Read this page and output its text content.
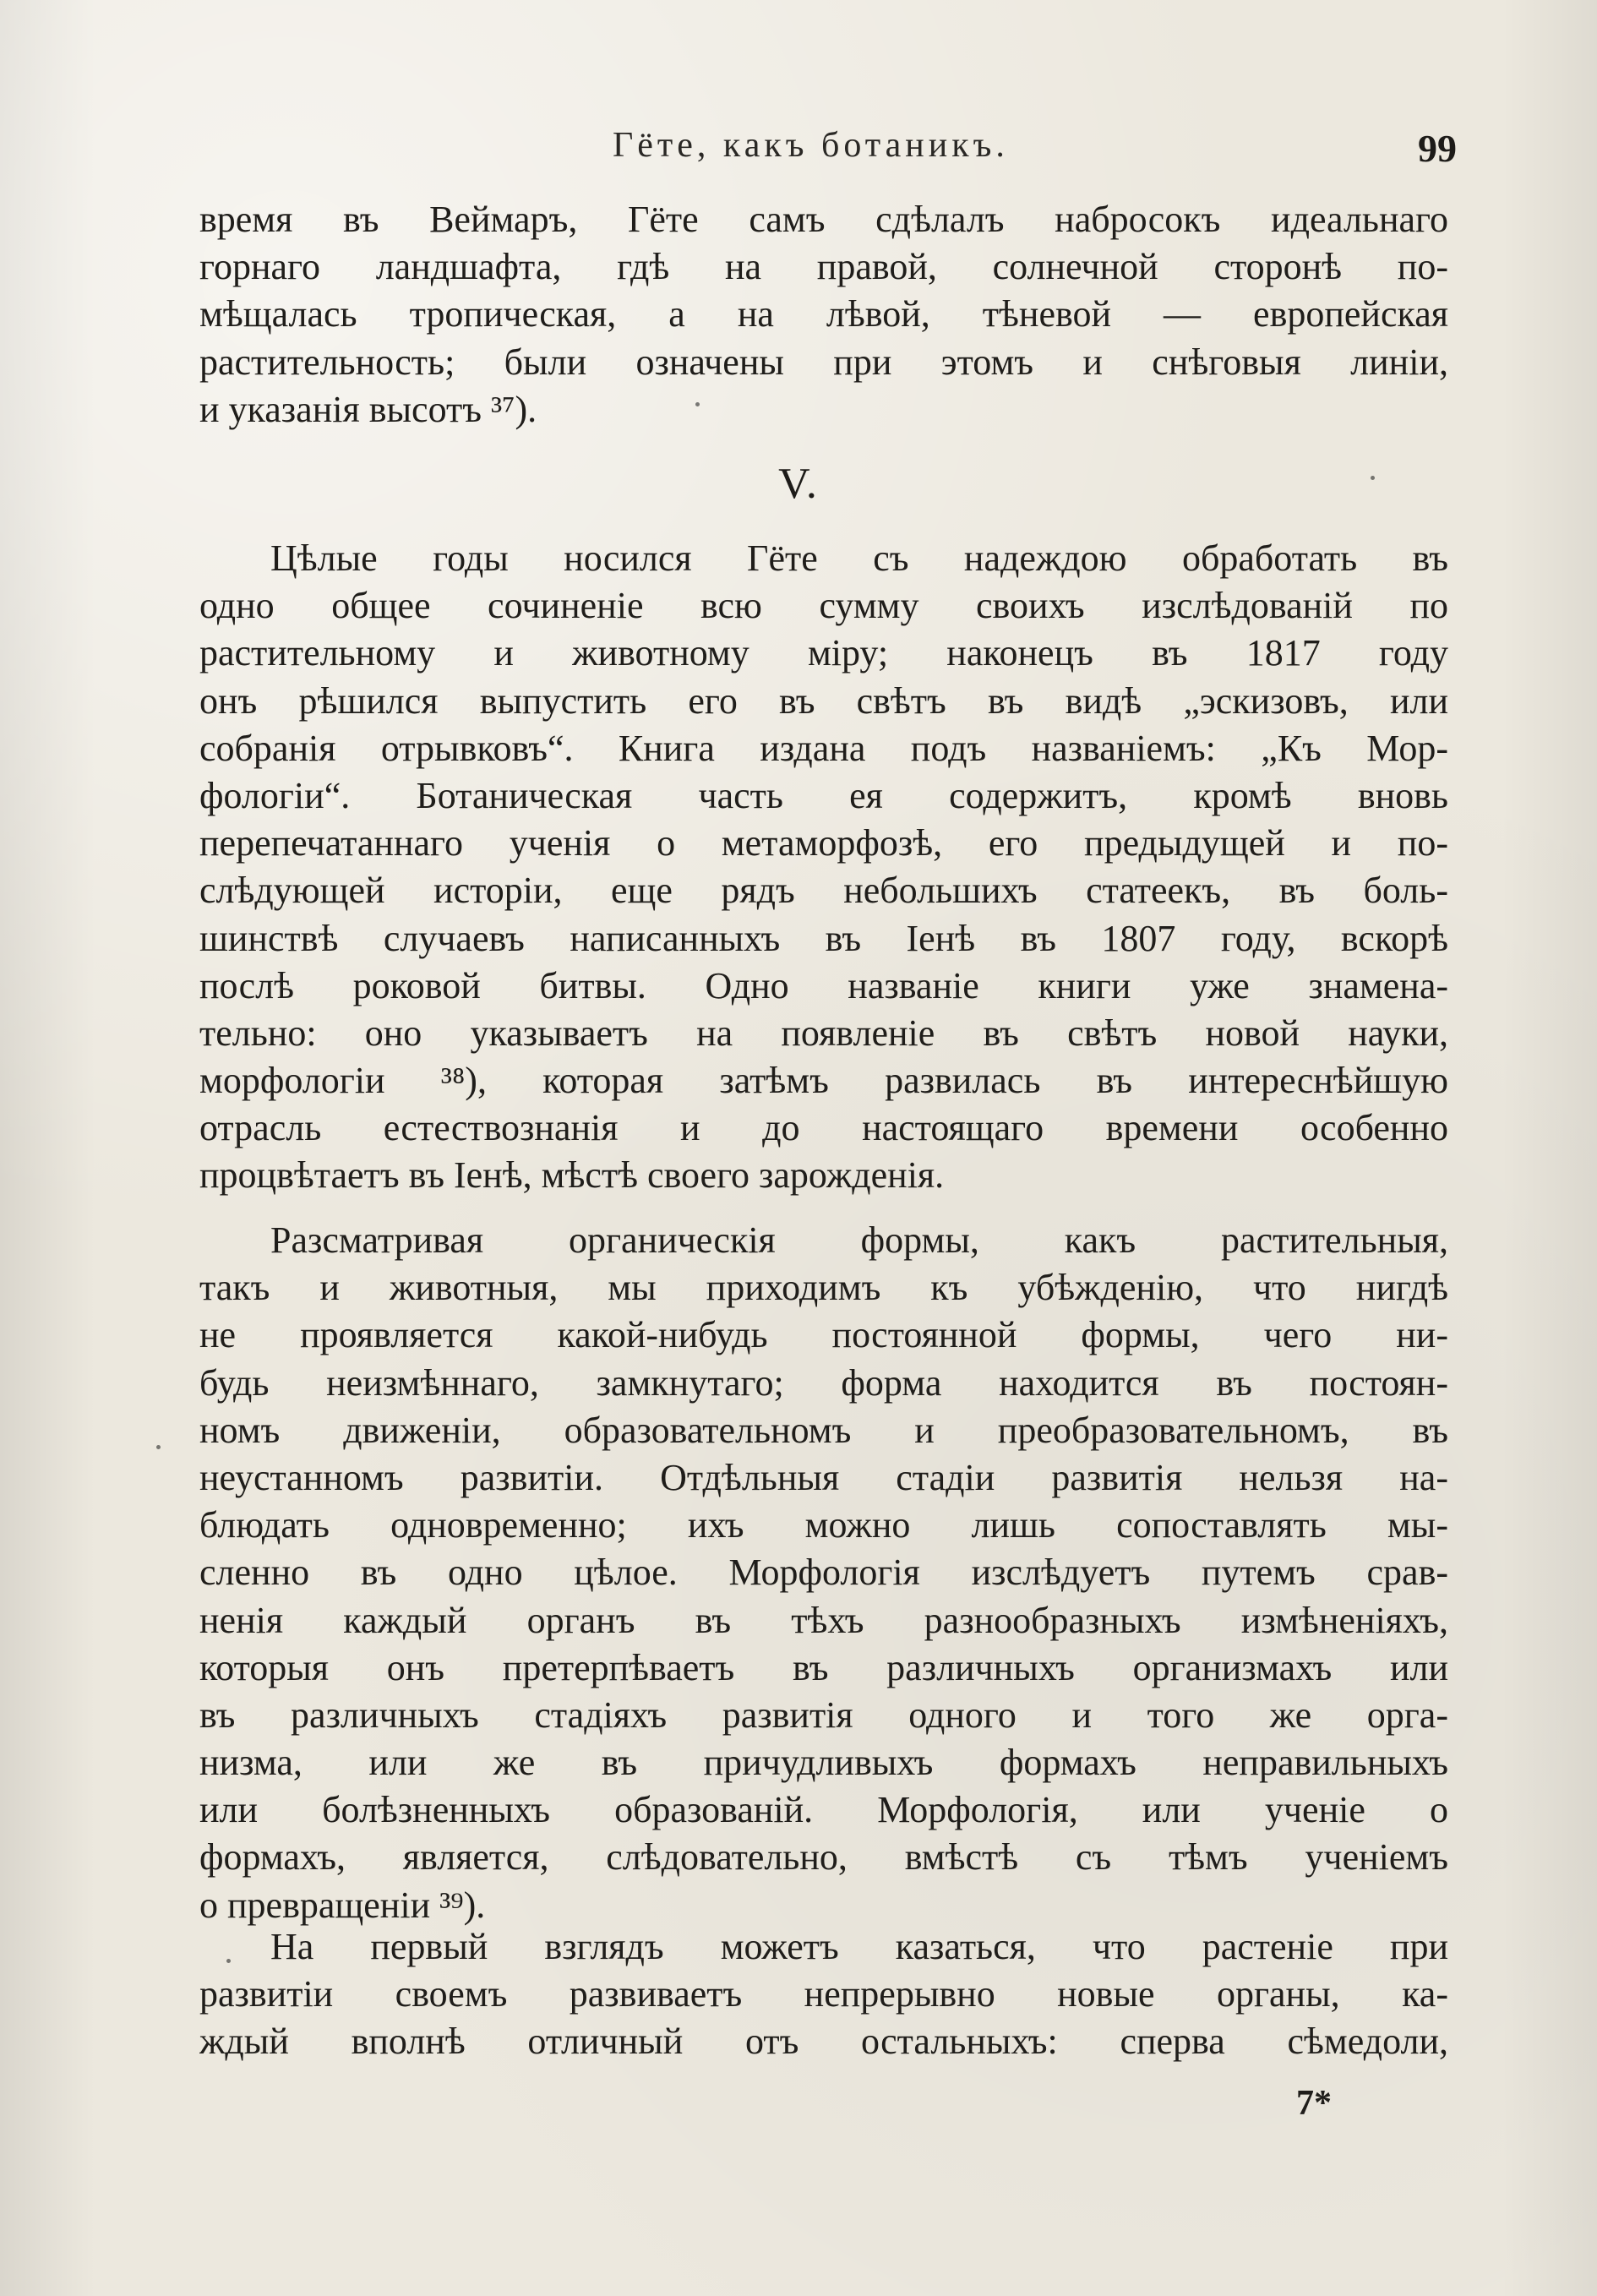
Гёте, какъ ботаникъ.	99
время въ Веймаръ, Гёте самъ сдѣлалъ набросокъ идеальнаго
горнаго ландшафта, гдѣ на правой, солнечной сторонѣ по-
мѣщалась тропическая, а на лѣвой, тѣневой — европейская
растительность; были означены при этомъ и снѣговыя линіи,
и указанія высотъ ³⁷).
V.
Цѣлые годы носился Гёте съ надеждою обработать въ
одно общее сочиненіе всю сумму своихъ изслѣдованій по
растительному и животному міру; наконецъ въ 1817 году
онъ рѣшился выпустить его въ свѣтъ въ видѣ „эскизовъ, или
собранія отрывковъ“. Книга издана подъ названіемъ: „Къ Мор-
фологіи“. Ботаническая часть ея содержитъ, кромѣ вновь
перепечатаннаго ученія о метаморфозѣ, его предыдущей и по-
слѣдующей исторіи, еще рядъ небольшихъ статеекъ, въ боль-
шинствѣ случаевъ написанныхъ въ Іенѣ въ 1807 году, вскорѣ
послѣ роковой битвы. Одно названіе книги уже знамена-
тельно: оно указываетъ на появленіе въ свѣтъ новой науки,
морфологіи ³⁸), которая затѣмъ развилась въ интереснѣйшую
отрасль естествознанія и до настоящаго времени особенно
процвѣтаетъ въ Іенѣ, мѣстѣ своего зарожденія.
Разсматривая органическія формы, какъ растительныя,
такъ и животныя, мы приходимъ къ убѣжденію, что нигдѣ
не проявляется какой-нибудь постоянной формы, чего ни-
будь неизмѣннаго, замкнутаго; форма находится въ постоян-
номъ движеніи, образовательномъ и преобразовательномъ, въ
неустанномъ развитіи. Отдѣльныя стадіи развитія нельзя на-
блюдать одновременно; ихъ можно лишь сопоставлять мы-
сленно въ одно цѣлое. Морфологія изслѣдуетъ путемъ срав-
ненія каждый органъ въ тѣхъ разнообразныхъ измѣненіяхъ,
которыя онъ претерпѣваетъ въ различныхъ организмахъ или
въ различныхъ стадіяхъ развитія одного и того же орга-
низма, или же въ причудливыхъ формахъ неправильныхъ
или болѣзненныхъ образованій. Морфологія, или ученіе о
формахъ, является, слѣдовательно, вмѣстѣ съ тѣмъ ученіемъ
о превращеніи ³⁹).
На первый взглядъ можетъ казаться, что растеніе при
развитіи своемъ развиваетъ непрерывно новые органы, ка-
ждый вполнѣ отличный отъ остальныхъ: сперва сѣмедоли,
7*
